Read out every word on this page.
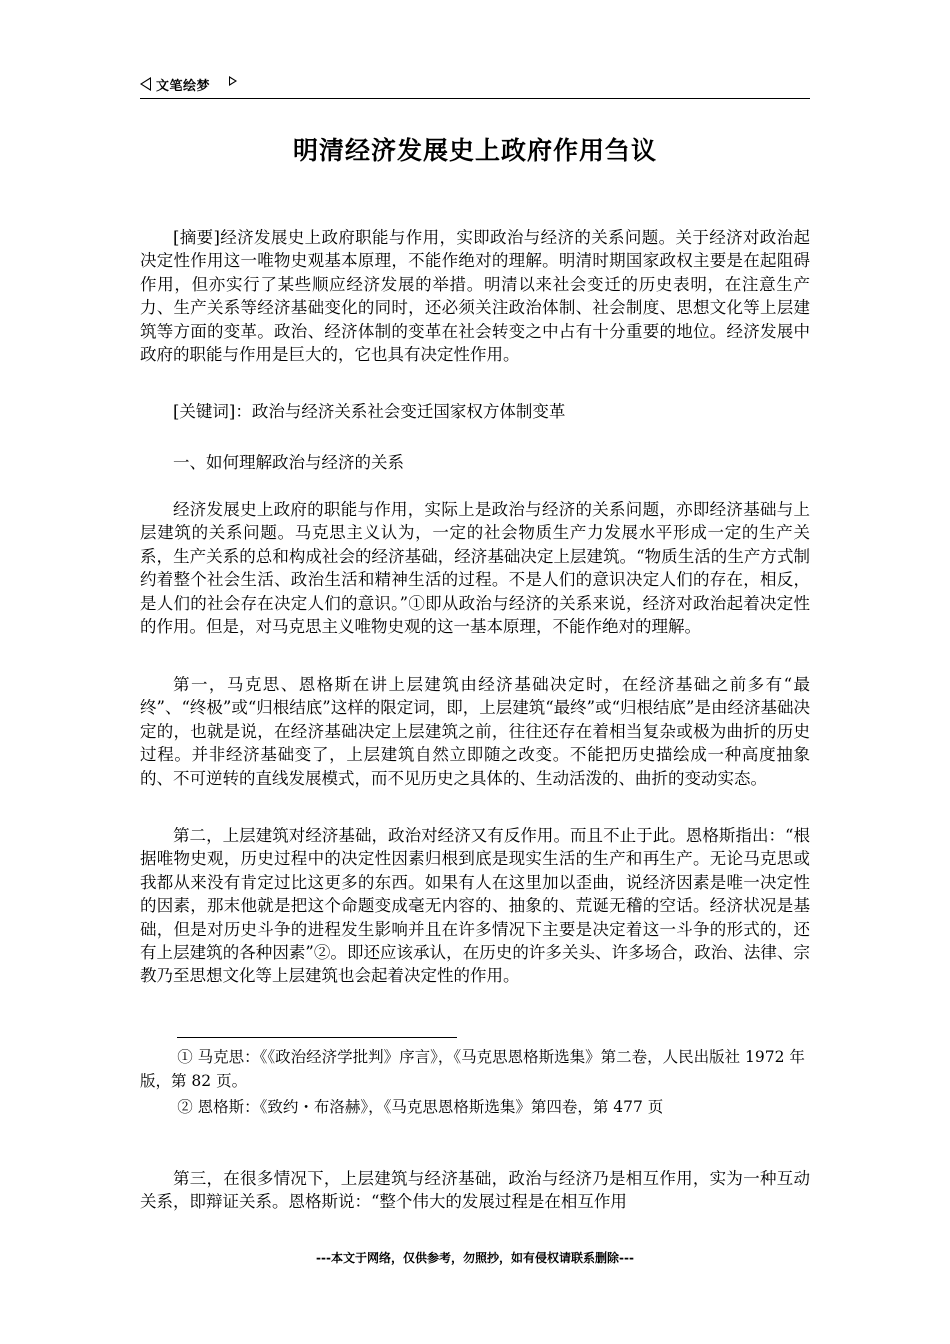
文笔绘梦
明清经济发展史上政府作用刍议

[摘要]经济发展史上政府职能与作用，实即政治与经济的关系问题。关于经济对政治起决定性作用这一唯物史观基本原理，不能作绝对的理解。明清时期国家政权主要是在起阻碍作用，但亦实行了某些顺应经济发展的举措。明清以来社会变迁的历史表明，在注意生产力、生产关系等经济基础变化的同时，还必须关注政治体制、社会制度、思想文化等上层建筑等方面的变革。政治、经济体制的变革在社会转变之中占有十分重要的地位。经济发展中政府的职能与作用是巨大的，它也具有决定性作用。

[关键词]：政治与经济关系社会变迁国家权方体制变革

一、如何理解政治与经济的关系

经济发展史上政府的职能与作用，实际上是政治与经济的关系问题，亦即经济基础与上层建筑的关系问题。马克思主义认为，一定的社会物质生产力发展水平形成一定的生产关系，生产关系的总和构成社会的经济基础，经济基础决定上层建筑。“物质生活的生产方式制约着整个社会生活、政治生活和精神生活的过程。不是人们的意识决定人们的存在，相反，是人们的社会存在决定人们的意识。”①即从政治与经济的关系来说，经济对政治起着决定性的作用。但是，对马克思主义唯物史观的这一基本原理，不能作绝对的理解。

第一，马克思、恩格斯在讲上层建筑由经济基础决定时，在经济基础之前多有“最终”、“终极”或“归根结底”这样的限定词，即，上层建筑“最终”或“归根结底”是由经济基础决定的，也就是说，在经济基础决定上层建筑之前，往往还存在着相当复杂或极为曲折的历史过程。并非经济基础变了，上层建筑自然立即随之改变。不能把历史描绘成一种高度抽象的、不可逆转的直线发展模式，而不见历史之具体的、生动活泼的、曲折的变动实态。

第二，上层建筑对经济基础，政治对经济又有反作用。而且不止于此。恩格斯指出：“根据唯物史观，历史过程中的决定性因素归根到底是现实生活的生产和再生产。无论马克思或我都从来没有肯定过比这更多的东西。如果有人在这里加以歪曲，说经济因素是唯一决定性的因素，那末他就是把这个命题变成毫无内容的、抽象的、荒诞无稽的空话。经济状况是基础，但是对历史斗争的进程发生影响并且在许多情况下主要是决定着这一斗争的形式的，还有上层建筑的各种因素”②。即还应该承认，在历史的许多关头、许多场合，政治、法律、宗教乃至思想文化等上层建筑也会起着决定性的作用。

① 马克思：《《政治经济学批判》序言》，《马克思恩格斯选集》第二卷，人民出版社 1972 年版，第 82 页。

② 恩格斯：《致约・布洛赫》，《马克思恩格斯选集》第四卷，第 477 页

第三，在很多情况下，上层建筑与经济基础，政治与经济乃是相互作用，实为一种互动关系，即辩证关系。恩格斯说：“整个伟大的发展过程是在相互作用

---本文于网络，仅供参考，勿照抄，如有侵权请联系删除---
